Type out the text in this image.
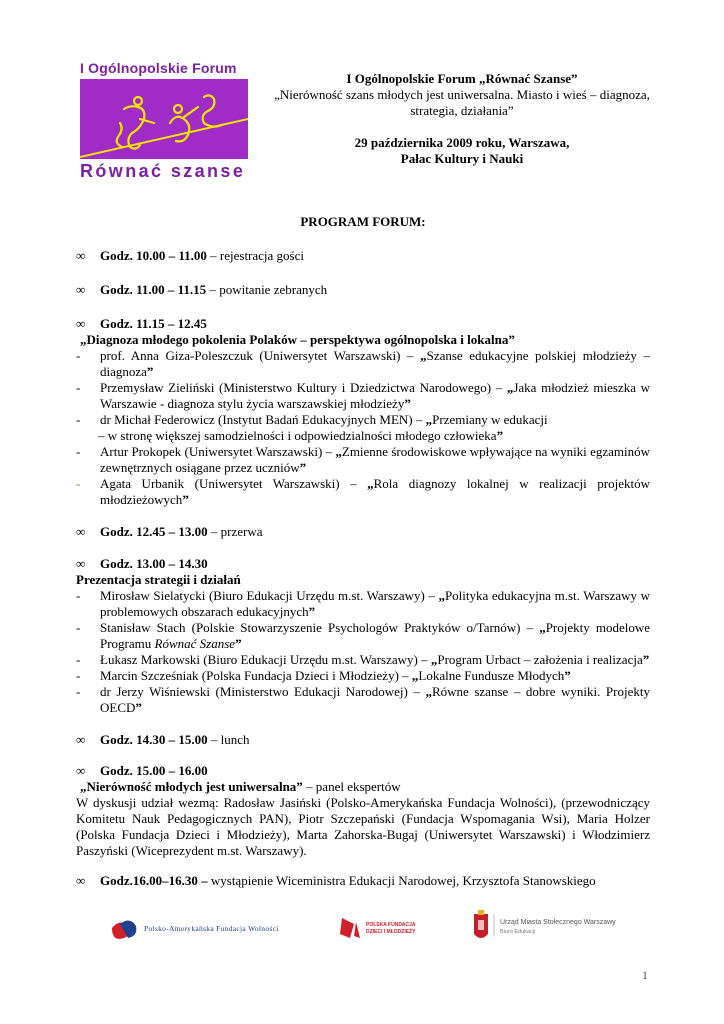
I Ogólnopolskie Forum
Równać szanse
I Ogólnopolskie Forum „Równać Szanse”
„Nierówność szans młodych jest uniwersalna. Miasto i wieś – diagnoza,
strategia, działania”
29 października 2009 roku, Warszawa,
Pałac Kultury i Nauki
PROGRAM FORUM:
∞	Godz. 10.00 – 11.00 – rejestracja gości
∞	Godz. 11.00 – 11.15 – powitanie zebranych
∞	Godz. 11.15 – 12.45
„Diagnoza młodego pokolenia Polaków – perspektywa ogólnopolska i lokalna”
-	prof. Anna Giza-Poleszczuk (Uniwersytet Warszawski) – „Szanse edukacyjne polskiej młodzieży – diagnoza”
-	Przemysław Zieliński (Ministerstwo Kultury i Dziedzictwa Narodowego) – „Jaka młodzież mieszka w Warszawie - diagnoza stylu życia warszawskiej młodzieży”
-	dr Michał Federowicz (Instytut Badań Edukacyjnych MEN) – „Przemiany w edukacji
– w stronę większej samodzielności i odpowiedzialności młodego człowieka”
-	Artur Prokopek (Uniwersytet Warszawski) – „Zmienne środowiskowe wpływające na wyniki egzaminów zewnętrznych osiągane przez uczniów”
-	Agata Urbanik (Uniwersytet Warszawski) – „Rola diagnozy lokalnej w realizacji projektów młodzieżowych”
∞	Godz. 12.45 – 13.00 – przerwa
∞	Godz. 13.00 – 14.30
Prezentacja strategii i działań
-	Mirosław Sielatycki (Biuro Edukacji Urzędu m.st. Warszawy) – „Polityka edukacyjna m.st. Warszawy w problemowych obszarach edukacyjnych”
-	Stanisław Stach (Polskie Stowarzyszenie Psychologów Praktyków o/Tarnów) – „Projekty modelowe Programu Równać Szanse”
-	Łukasz Markowski (Biuro Edukacji Urzędu m.st. Warszawy) – „Program Urbact – założenia i realizacja”
-	Marcin Szcześniak (Polska Fundacja Dzieci i Młodzieży) – „Lokalne Fundusze Młodych”
-	dr Jerzy Wiśniewski (Ministerstwo Edukacji Narodowej) – „Równe szanse – dobre wyniki. Projekty OECD”
∞	Godz. 14.30 – 15.00 – lunch
∞	Godz. 15.00 – 16.00
„Nierówność młodych jest uniwersalna” – panel ekspertów
W dyskusji udział wezmą: Radosław Jasiński (Polsko-Amerykańska Fundacja Wolności), (przewodniczący Komitetu Nauk Pedagogicznych PAN), Piotr Szczepański (Fundacja Wspomagania Wsi), Maria Holzer (Polska Fundacja Dzieci i Młodzieży), Marta Zahorska-Bugaj (Uniwersytet Warszawski) i Włodzimierz Paszyński (Wiceprezydent m.st. Warszawy).
∞	Godz.16.00–16.30 – wystąpienie Wiceministra Edukacji Narodowej, Krzysztofa Stanowskiego
Polsko-Amerykańska Fundacja Wolności	POLSKA FUNDACJA
DZIECI I MŁODZIEŻY
Urząd Miasta Stołecznego Warszawy
Biuro Edukacji
1
